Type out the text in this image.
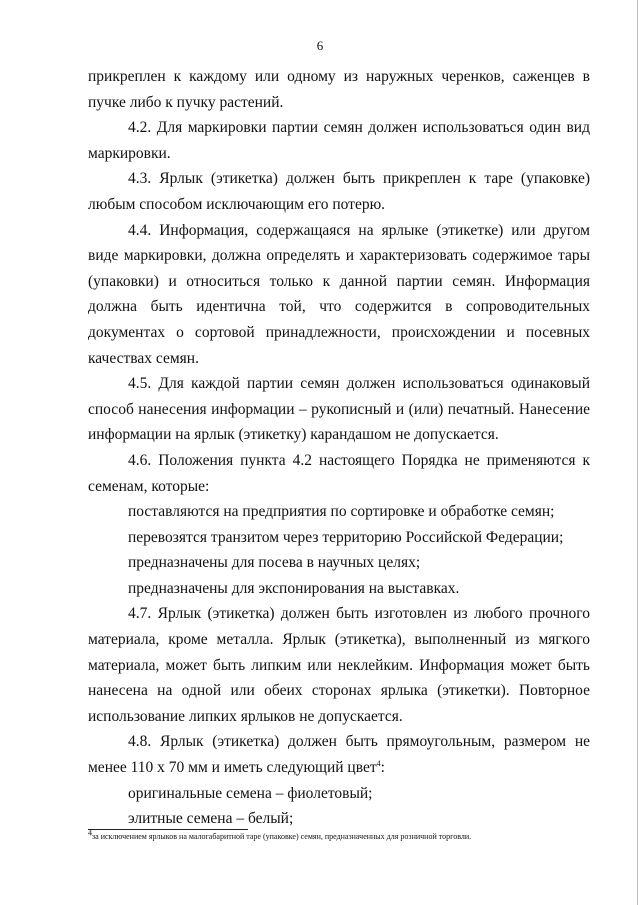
6

прикреплен к каждому или одному из наружных черенков, саженцев в пучке либо к пучку растений.

4.2. Для маркировки партии семян должен использоваться один вид маркировки.

4.3. Ярлык (этикетка) должен быть прикреплен к таре (упаковке) любым способом исключающим его потерю.

4.4. Информация, содержащаяся на ярлыке (этикетке) или другом виде маркировки, должна определять и характеризовать содержимое тары (упаковки) и относиться только к данной партии семян. Информация должна быть идентична той, что содержится в сопроводительных документах о сортовой принадлежности, происхождении и посевных качествах семян.

4.5. Для каждой партии семян должен использоваться одинаковый способ нанесения информации – рукописный и (или) печатный. Нанесение информации на ярлык (этикетку) карандашом не допускается.

4.6. Положения пункта 4.2 настоящего Порядка не применяются к семенам, которые:

поставляются на предприятия по сортировке и обработке семян;

перевозятся транзитом через территорию Российской Федерации;

предназначены для посева в научных целях;

предназначены для экспонирования на выставках.

4.7. Ярлык (этикетка) должен быть изготовлен из любого прочного материала, кроме металла. Ярлык (этикетка), выполненный из мягкого материала, может быть липким или неклейким. Информация может быть нанесена на одной или обеих сторонах ярлыка (этикетки). Повторное использование липких ярлыков не допускается.

4.8. Ярлык (этикетка) должен быть прямоугольным, размером не менее 110 x 70 мм и иметь следующий цвет$^4$:

оригинальные семена – фиолетовый;

элитные семена – белый;

$^4$за исключением ярлыков на малогабаритной таре (упаковке) семян, предназначенных для розничной торговли.
